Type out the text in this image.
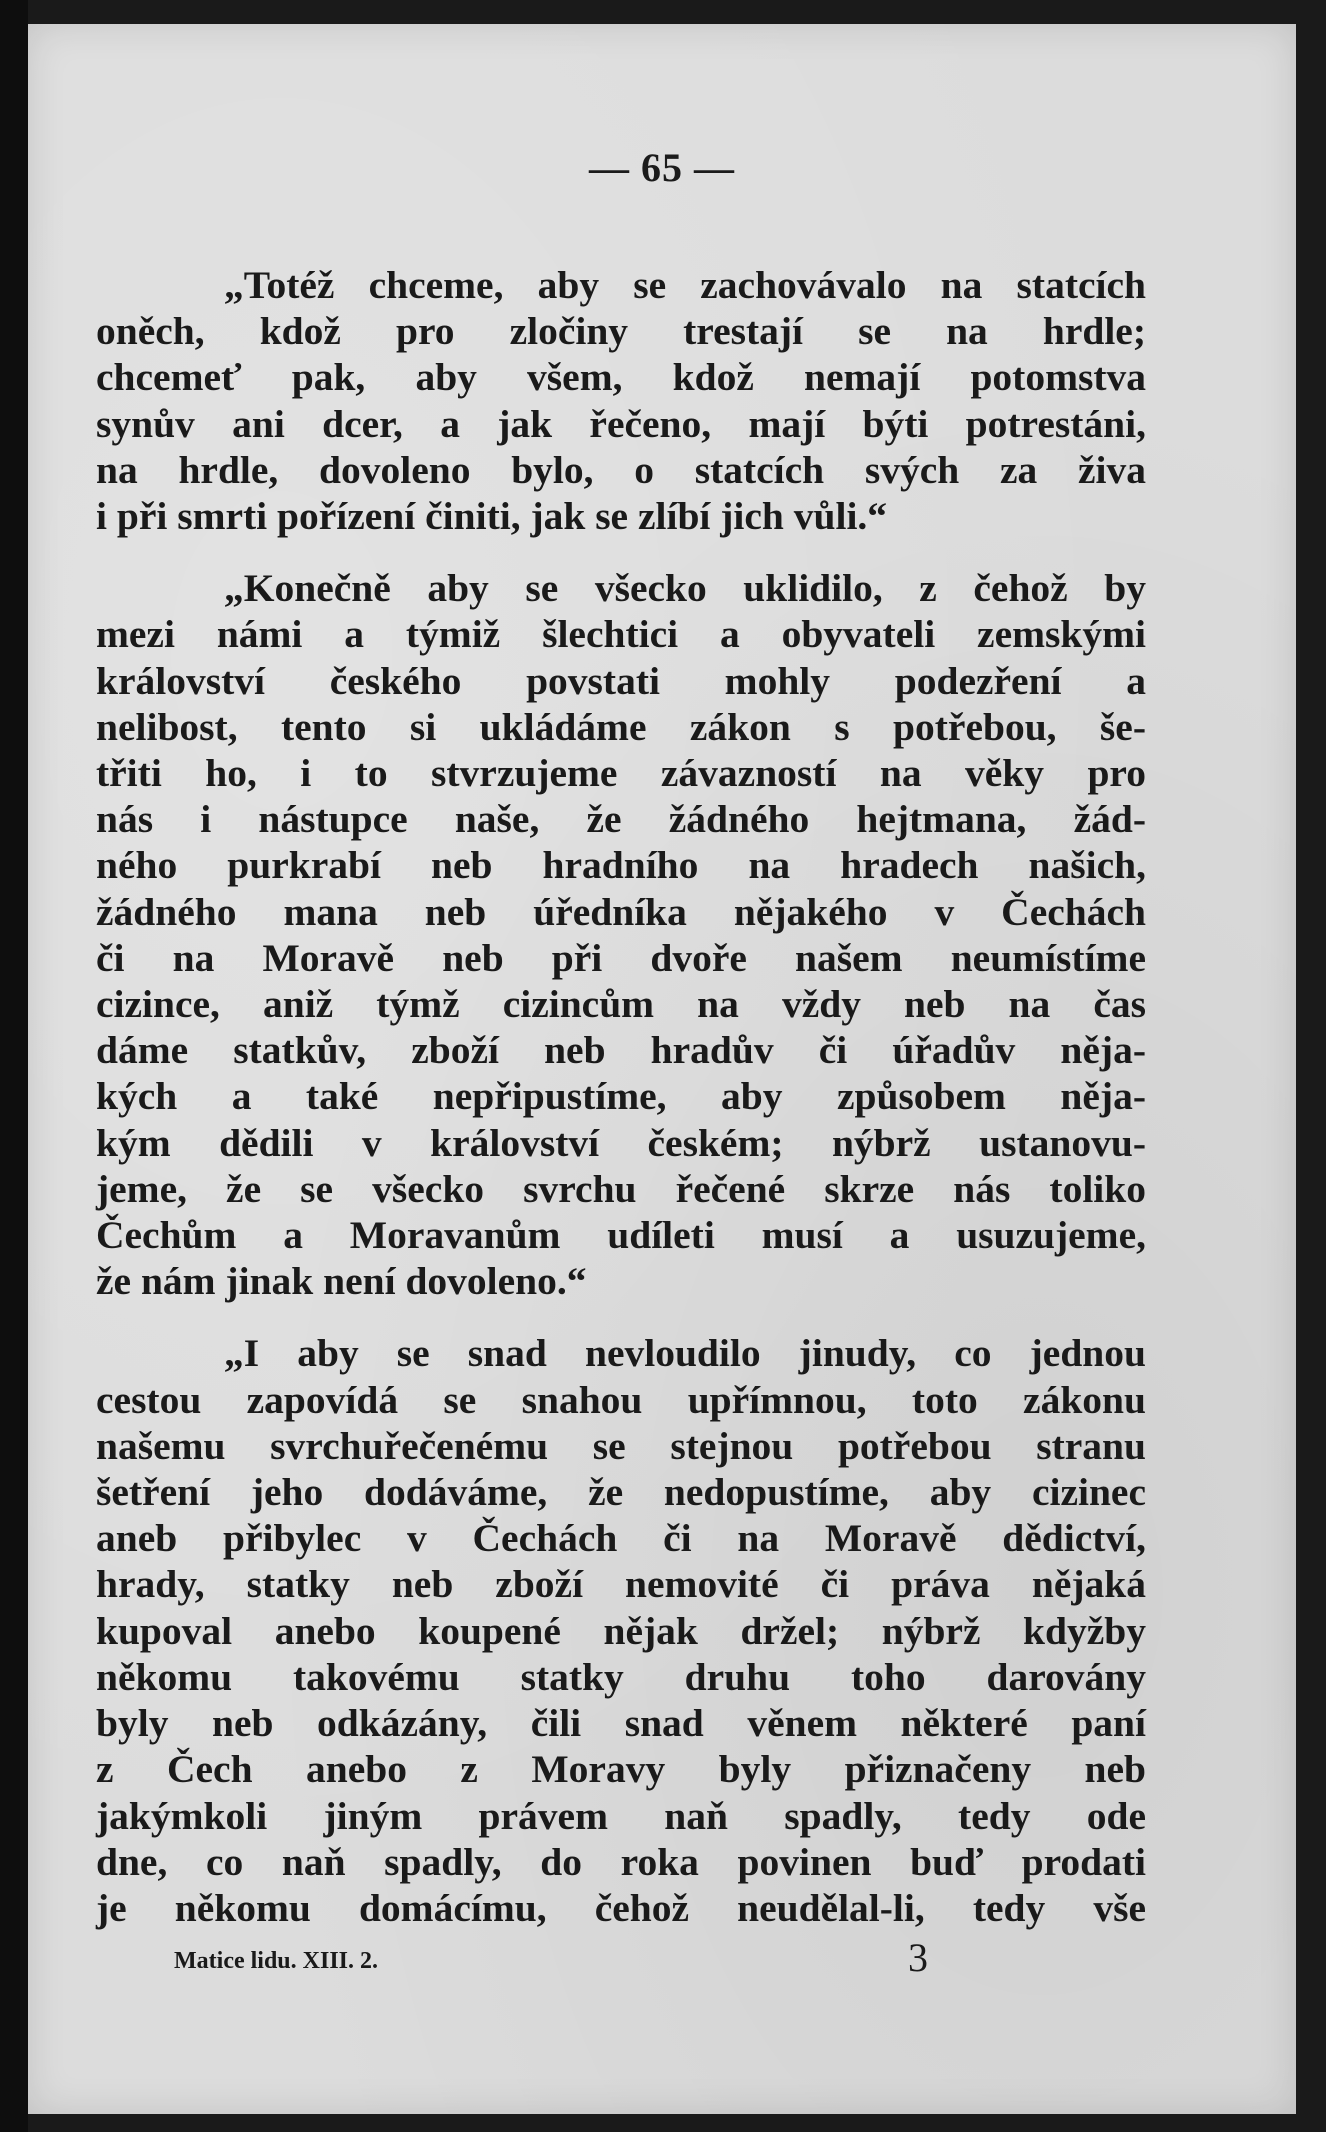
— 65 —

„Totéž chceme, aby se zachovávalo na statcích
oněch, kdož pro zločiny trestají se na hrdle;
chcemeť pak, aby všem, kdož nemají potomstva
synův ani dcer, a jak řečeno, mají býti potrestáni,
na hrdle, dovoleno bylo, o statcích svých za živa
i při smrti pořízení činiti, jak se zlíbí jich vůli.“

„Konečně aby se všecko uklidilo, z čehož by
mezi námi a týmiž šlechtici a obyvateli zemskými
království českého povstati mohly podezření a
nelibost, tento si ukládáme zákon s potřebou, še-
třiti ho, i to stvrzujeme závazností na věky pro
nás i nástupce naše, že žádného hejtmana, žád-
ného purkrabí neb hradního na hradech našich,
žádného mana neb úředníka nějakého v Čechách
či na Moravě neb při dvoře našem neumístíme
cizince, aniž týmž cizincům na vždy neb na čas
dáme statkův, zboží neb hradův či úřadův něja-
kých a také nepřipustíme, aby způsobem něja-
kým dědili v království českém; nýbrž ustanovu-
jeme, že se všecko svrchu řečené skrze nás toliko
Čechům a Moravanům udíleti musí a usuzujeme,
že nám jinak není dovoleno.“

„I aby se snad nevloudilo jinudy, co jednou
cestou zapovídá se snahou upřímnou, toto zákonu
našemu svrchuřečenému se stejnou potřebou stranu
šetření jeho dodáváme, že nedopustíme, aby cizinec
aneb přibylec v Čechách či na Moravě dědictví,
hrady, statky neb zboží nemovité či práva nějaká
kupoval anebo koupené nějak držel; nýbrž kdyžby
někomu takovému statky druhu toho darovány
byly neb odkázány, čili snad věnem některé paní
z Čech anebo z Moravy byly přiznačeny neb
jakýmkoli jiným právem naň spadly, tedy ode
dne, co naň spadly, do roka povinen buď prodati
je někomu domácímu, čehož neudělal-li, tedy vše

Matice lidu. XIII. 2.	3
